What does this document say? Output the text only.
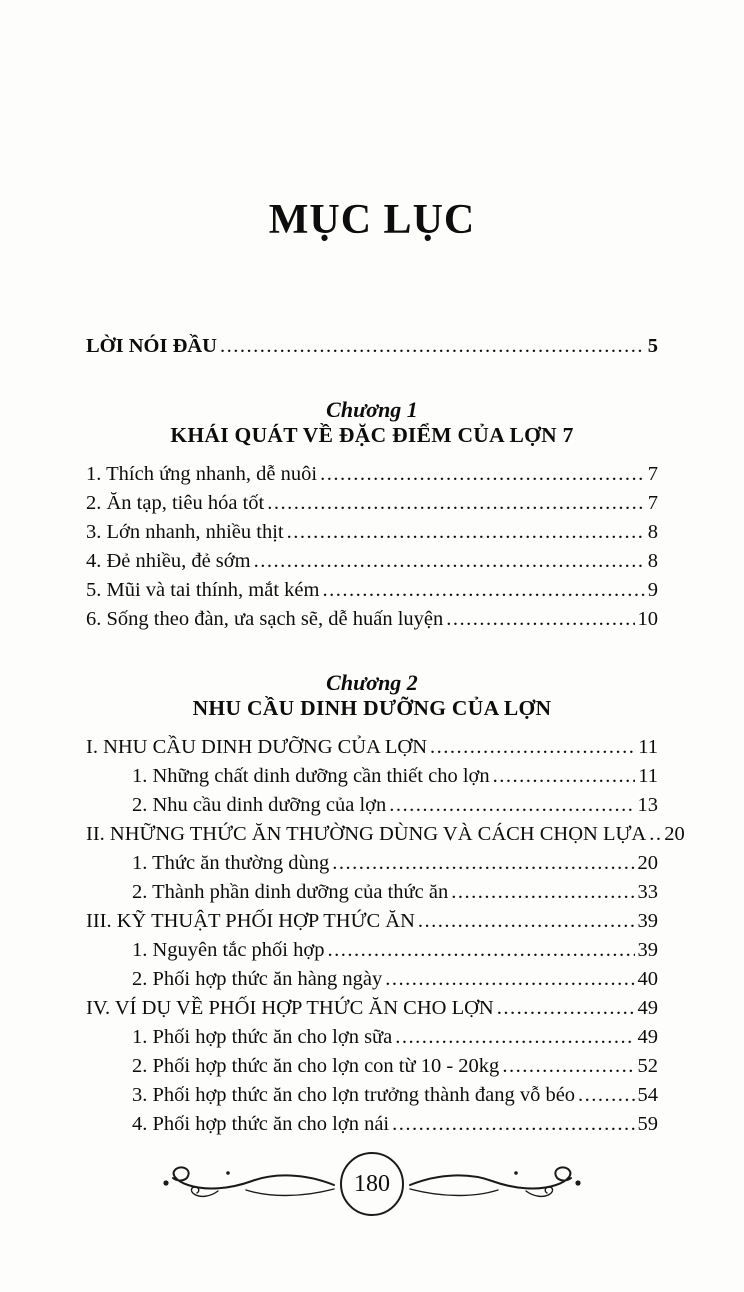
MỤC LỤC
LỜI NÓI ĐẦU .....	5
Chương 1
KHÁI QUÁT VỀ ĐẶC ĐIỂM CỦA LỢN 7
1. Thích ứng nhanh, dễ nuôi .....	7
2. Ăn tạp, tiêu hóa tốt .....	7
3. Lớn nhanh, nhiều thịt .....	8
4. Đẻ nhiều, đẻ sớm .....	8
5. Mũi và tai thính, mắt kém .....	9
6. Sống theo đàn, ưa sạch sẽ, dễ huấn luyện .....	10
Chương 2
NHU CẦU DINH DƯỠNG CỦA LỢN
I. NHU CẦU DINH DƯỠNG CỦA LỢN .....	11
1. Những chất dinh dưỡng cần thiết cho lợn .....	11
2. Nhu cầu dinh dưỡng của lợn .....	13
II. NHỮNG THỨC ĂN THƯỜNG DÙNG VÀ CÁCH CHỌN LỰA ..... 20
1. Thức ăn thường dùng .....	20
2. Thành phần dinh dưỡng của thức ăn .....	33
III. KỸ THUẬT PHỐI HỢP THỨC ĂN .....	39
1. Nguyên tắc phối hợp .....	39
2. Phối hợp thức ăn hàng ngày .....	40
IV. VÍ DỤ VỀ PHỐI HỢP THỨC ĂN CHO LỢN .....	49
1. Phối hợp thức ăn cho lợn sữa .....	49
2. Phối hợp thức ăn cho lợn con từ 10 - 20kg .....	52
3. Phối hợp thức ăn cho lợn trưởng thành đang vỗ béo .....	54
4. Phối hợp thức ăn cho lợn nái .....	59
180
